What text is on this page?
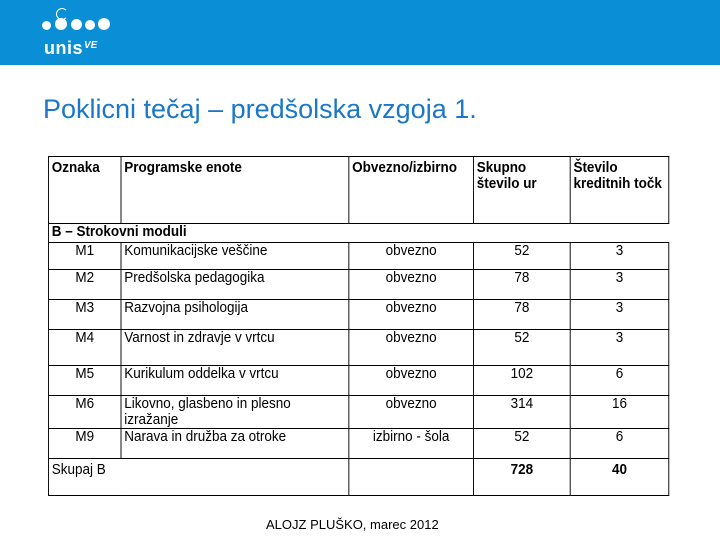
unis VE
Poklicni tečaj – predšolska vzgoja 1.
Oznaka	Programske enote	Obvezno/izbirno	Skupno število ur	Število kreditnih točk
B – Strokovni moduli				
M1	Komunikacijske veščine	obvezno	52	3
M2	Predšolska pedagogika	obvezno	78	3
M3	Razvojna psihologija	obvezno	78	3
M4	Varnost in zdravje v vrtcu	obvezno	52	3
M5	Kurikulum oddelka v vrtcu	obvezno	102	6
M6	Likovno, glasbeno in plesno izražanje	obvezno	314	16
M9	Narava in družba za otroke	izbirno - šola	52	6
Skupaj B			728	40
ALOJZ PLUŠKO, marec 2012
